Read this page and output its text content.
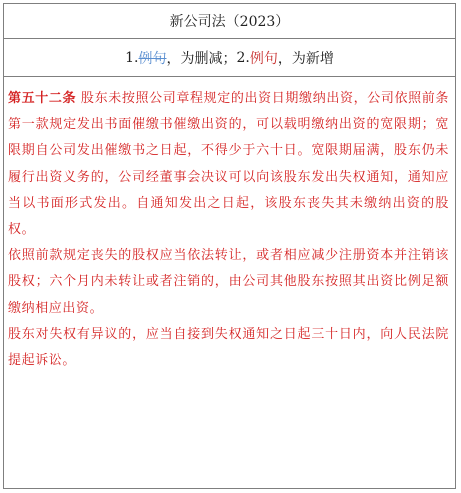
新公司法（2023）
1. 例句 ，为删减； 2. 例句 ，为新增

第五十二条 股东未按照公司章程规定的出资日期缴纳出资，公司依照前条第一款规定发出书面催缴书催缴出资的，可以载明缴纳出资的宽限期；宽限期自公司发出催缴书之日起，不得少于六十日。宽限期届满，股东仍未履行出资义务的，公司经董事会决议可以向该股东发出失权通知，通知应当以书面形式发出。自通知发出之日起，该股东丧失其未缴纳出资的股权。

依照前款规定丧失的股权应当依法转让，或者相应减少注册资本并注销该股权；六个月内未转让或者注销的，由公司其他股东按照其出资比例足额缴纳相应出资。

股东对失权有异议的，应当自接到失权通知之日起三十日内，向人民法院提起诉讼。
